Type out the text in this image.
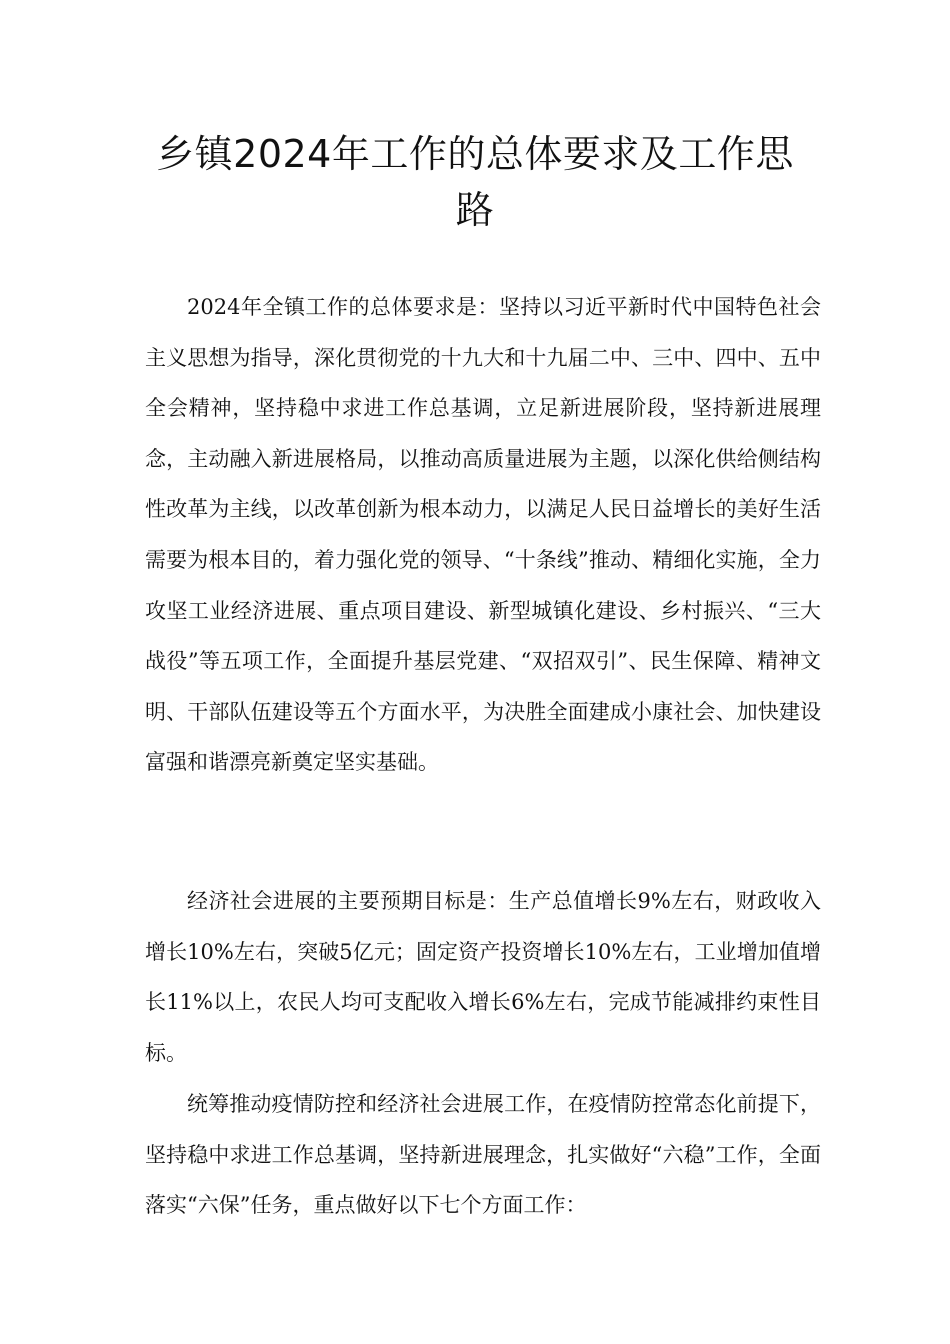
乡镇2024年工作的总体要求及工作思
路

2024年全镇工作的总体要求是：坚持以习近平新时代中国特色社会主义思想为指导，深化贯彻党的十九大和十九届二中、三中、四中、五中全会精神，坚持稳中求进工作总基调，立足新进展阶段，坚持新进展理念，主动融入新进展格局，以推动高质量进展为主题，以深化供给侧结构性改革为主线，以改革创新为根本动力，以满足人民日益增长的美好生活需要为根本目的，着力强化党的领导、“十条线”推动、精细化实施，全力攻坚工业经济进展、重点项目建设、新型城镇化建设、乡村振兴、“三大战役”等五项工作，全面提升基层党建、“双招双引”、民生保障、精神文明、干部队伍建设等五个方面水平，为决胜全面建成小康社会、加快建设富强和谐漂亮新奠定坚实基础。

经济社会进展的主要预期目标是：生产总值增长9%左右，财政收入增长10%左右，突破5亿元；固定资产投资增长10%左右，工业增加值增长11%以上，农民人均可支配收入增长6%左右，完成节能减排约束性目标。

统筹推动疫情防控和经济社会进展工作，在疫情防控常态化前提下，坚持稳中求进工作总基调，坚持新进展理念，扎实做好“六稳”工作，全面落实“六保”任务，重点做好以下七个方面工作：
